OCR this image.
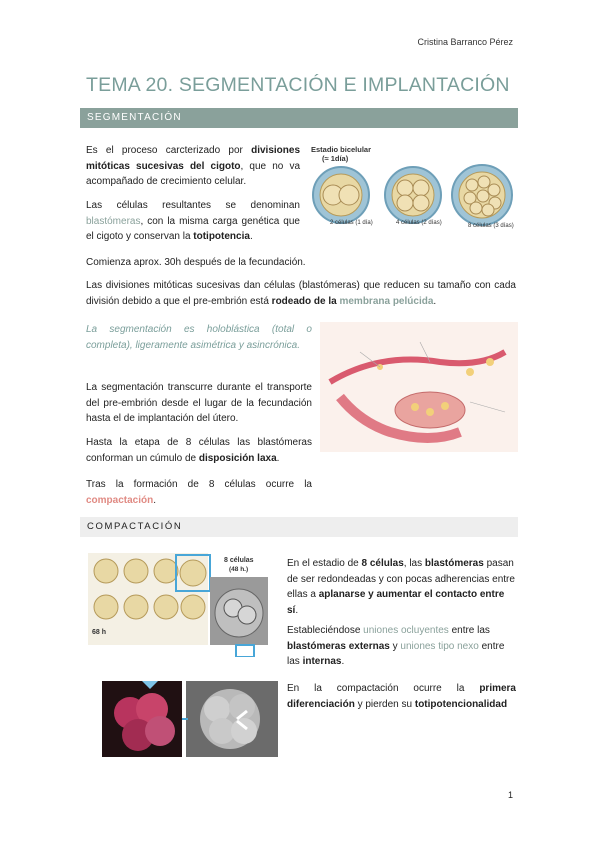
Cristina Barranco Pérez
TEMA 20. SEGMENTACIÓN E IMPLANTACIÓN
SEGMENTACIÓN
Es el proceso carcterizado por divisiones mitóticas sucesivas del cigoto, que no va acompañado de crecimiento celular.
Estadio bicelular
(≈ 1día)
2 células (1 día)	4 células (2 días)	8 células (3 días)
Las células resultantes se denominan blastómeras, con la misma carga genética que el cigoto y conservan la totipotencia.
Comienza aprox. 30h después de la fecundación.
Las divisiones mitóticas sucesivas dan células (blastómeras) que reducen su tamaño con cada división debido a que el pre-embrión está rodeado de la membrana pelúcida.
La segmentación es holoblástica (total o completa), ligeramente asimétrica y asincrónica.
La segmentación transcurre durante el transporte del pre-embrión desde el lugar de la fecundación hasta el de implantación del útero.
Hasta la etapa de 8 células las blastómeras conforman un cúmulo de disposición laxa.
Tras la formación de 8 células ocurre la compactación.
COMPACTACIÓN
8 células
(48 h.)
68 h
En el estadio de 8 células, las blastómeras pasan de ser redondeadas y con pocas adherencias entre ellas a aplanarse y aumentar el contacto entre sí.
Estableciéndose uniones ocluyentes entre las blastómeras externas y uniones tipo nexo entre las internas.
En la compactación ocurre la primera diferenciación y pierden su totipotencionalidad
1
